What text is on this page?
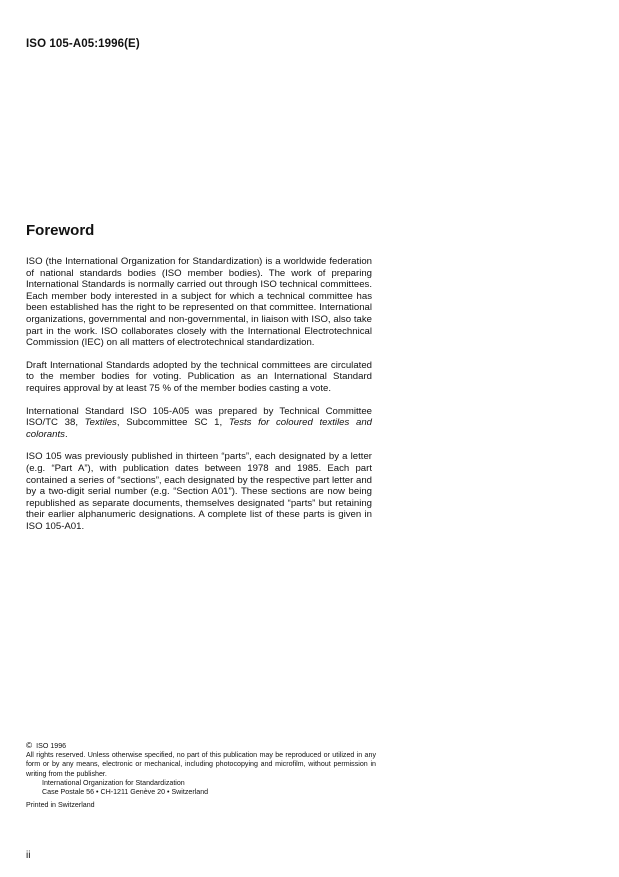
ISO 105-A05:1996(E)
Foreword

ISO (the International Organization for Standardization) is a worldwide federation of national standards bodies (ISO member bodies). The work of preparing International Standards is normally carried out through ISO technical committees. Each member body interested in a subject for which a technical committee has been established has the right to be represented on that committee. International organizations, governmental and non-governmental, in liaison with ISO, also take part in the work. ISO collaborates closely with the International Electrotechnical Commission (IEC) on all matters of electrotechnical standardization.

Draft International Standards adopted by the technical committees are circulated to the member bodies for voting. Publication as an International Standard requires approval by at least 75 % of the member bodies casting a vote.

International Standard ISO 105-A05 was prepared by Technical Committee ISO/TC 38, Textiles, Subcommittee SC 1, Tests for coloured textiles and colorants.

ISO 105 was previously published in thirteen “parts”, each designated by a letter (e.g. “Part A”), with publication dates between 1978 and 1985. Each part contained a series of “sections”, each designated by the respective part letter and by a two-digit serial number (e.g. “Section A01”). These sections are now being republished as separate documents, themselves designated “parts” but retaining their earlier alphanumeric designations. A complete list of these parts is given in ISO 105-A01.

© ISO 1996
All rights reserved. Unless otherwise specified, no part of this publication may be reproduced or utilized in any form or by any means, electronic or mechanical, including photocopying and microfilm, without permission in writing from the publisher.
International Organization for Standardization
Case Postale 56 • CH-1211 Genève 20 • Switzerland
Printed in Switzerland
ii
